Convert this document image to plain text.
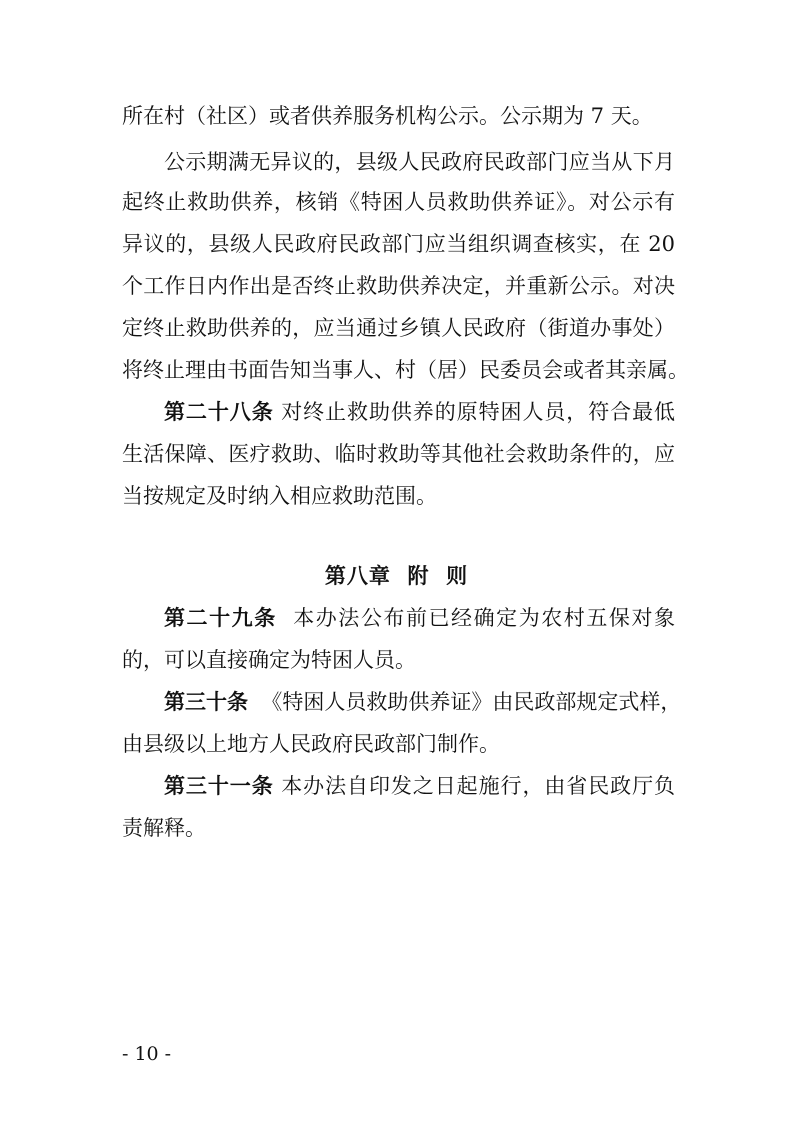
所在村（社区）或者供养服务机构公示。公示期为 7 天。
公示期满无异议的，县级人民政府民政部门应当从下月
起终止救助供养，核销《特困人员救助供养证》。对公示有
异议的，县级人民政府民政部门应当组织调查核实，在 20
个工作日内作出是否终止救助供养决定，并重新公示。对决
定终止救助供养的，应当通过乡镇人民政府（街道办事处）
将终止理由书面告知当事人、村（居）民委员会或者其亲属。
第二十八条 对终止救助供养的原特困人员，符合最低
生活保障、医疗救助、临时救助等其他社会救助条件的，应
当按规定及时纳入相应救助范围。
第八章  附  则
第二十九条 本办法公布前已经确定为农村五保对象
的，可以直接确定为特困人员。
第三十条 《特困人员救助供养证》由民政部规定式样，
由县级以上地方人民政府民政部门制作。
第三十一条 本办法自印发之日起施行，由省民政厅负
责解释。
- 10 -
